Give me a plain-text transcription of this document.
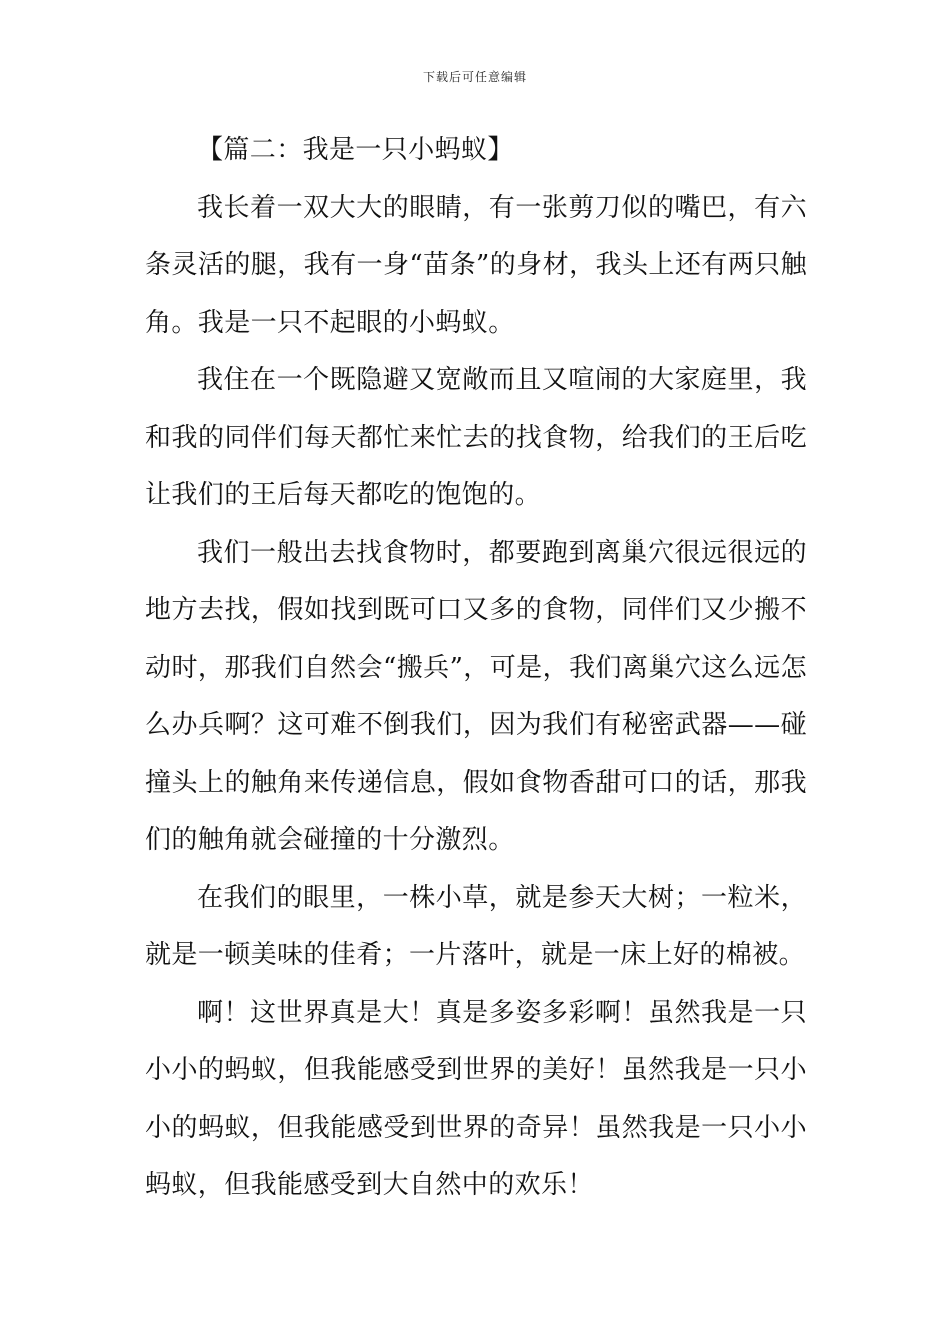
下载后可任意编辑

【篇二：我是一只小蚂蚁】

我长着一双大大的眼睛，有一张剪刀似的嘴巴，有六条灵活的腿，我有一身“苗条”的身材，我头上还有两只触角。我是一只不起眼的小蚂蚁。

我住在一个既隐避又宽敞而且又喧闹的大家庭里，我和我的同伴们每天都忙来忙去的找食物，给我们的王后吃让我们的王后每天都吃的饱饱的。

我们一般出去找食物时，都要跑到离巢穴很远很远的地方去找，假如找到既可口又多的食物，同伴们又少搬不动时，那我们自然会“搬兵”，可是，我们离巢穴这么远怎么办兵啊？这可难不倒我们，因为我们有秘密武器——碰撞头上的触角来传递信息，假如食物香甜可口的话，那我们的触角就会碰撞的十分激烈。

在我们的眼里，一株小草，就是参天大树；一粒米，就是一顿美味的佳肴；一片落叶，就是一床上好的棉被。

啊！这世界真是大！真是多姿多彩啊！虽然我是一只小小的蚂蚁，但我能感受到世界的美好！虽然我是一只小小的蚂蚁，但我能感受到世界的奇异！虽然我是一只小小蚂蚁，但我能感受到大自然中的欢乐！
